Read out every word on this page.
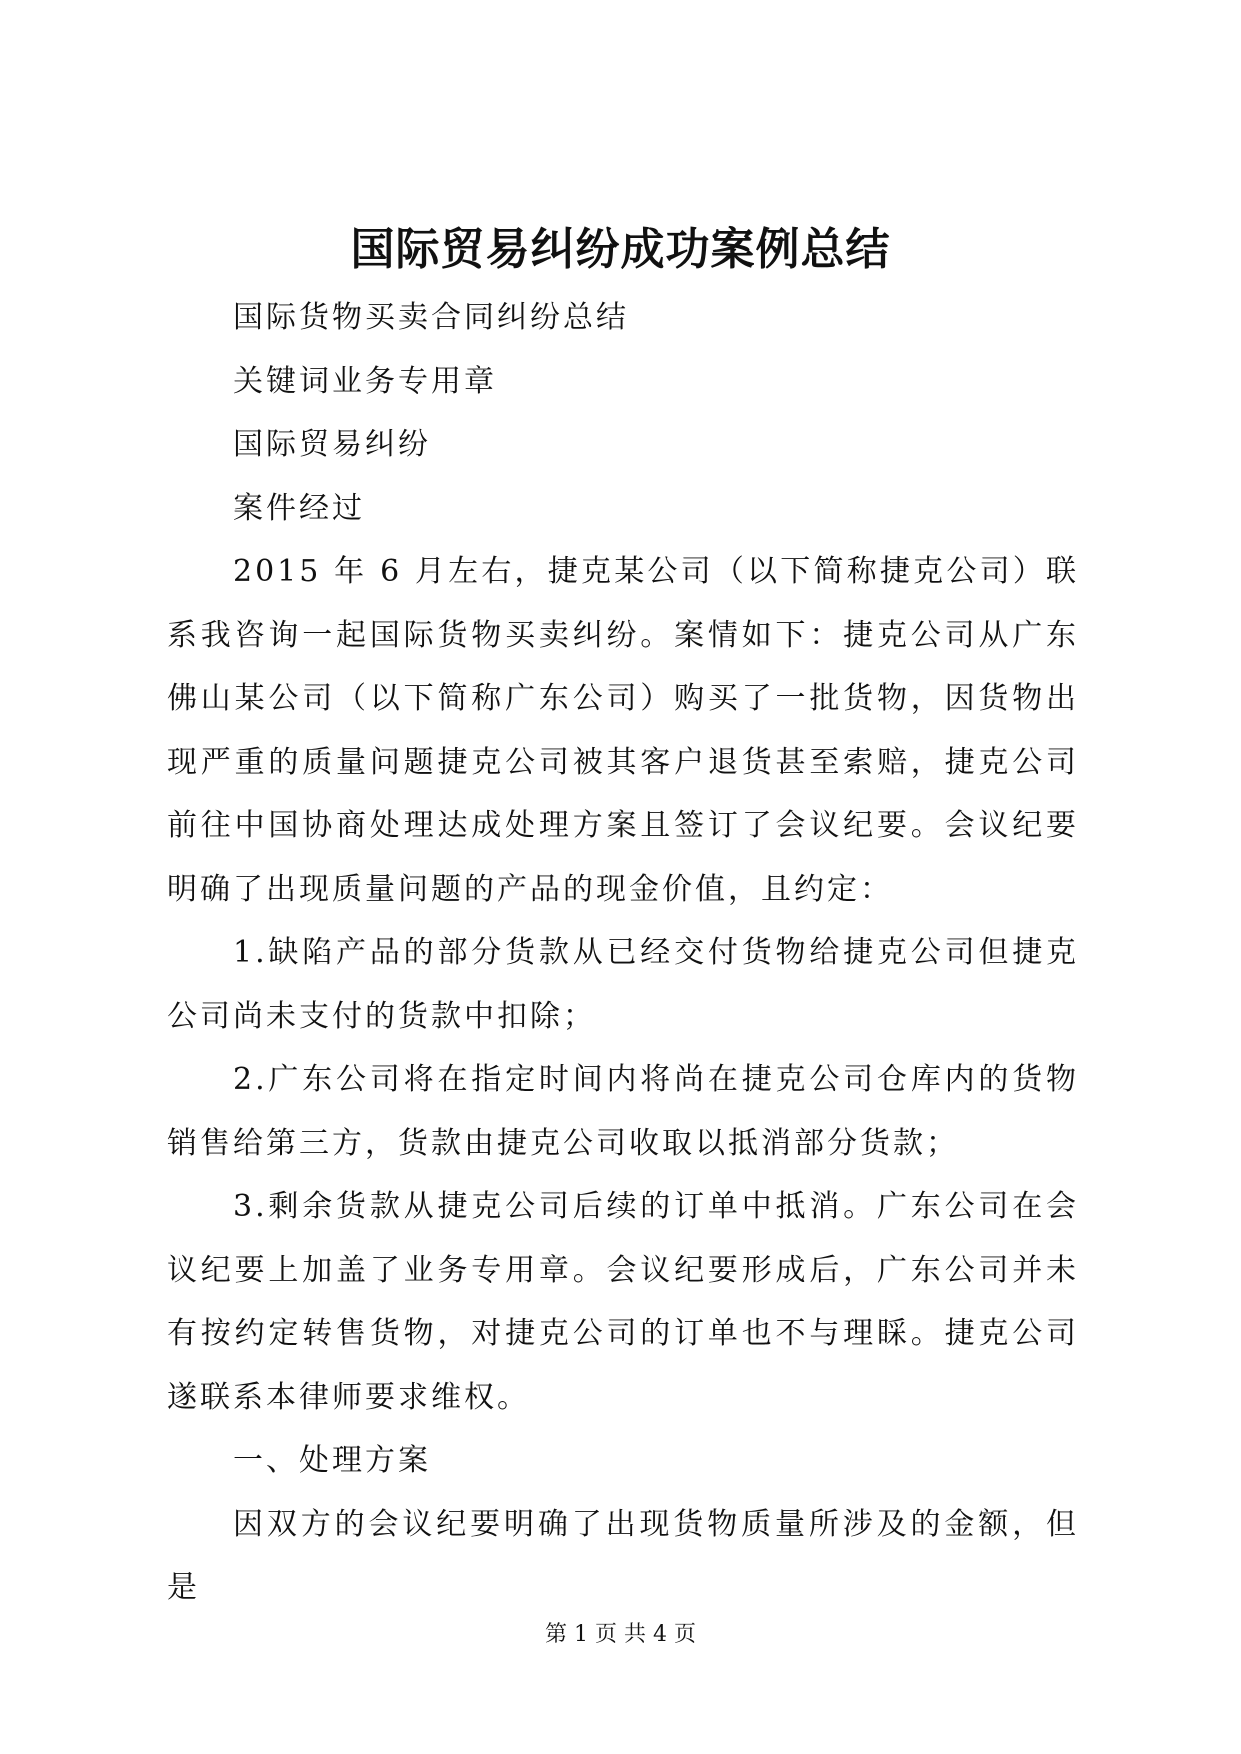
国际贸易纠纷成功案例总结

国际货物买卖合同纠纷总结

关键词业务专用章

国际贸易纠纷

案件经过

2015 年 6 月左右，捷克某公司（以下简称捷克公司）联系我咨询一起国际货物买卖纠纷。案情如下：捷克公司从广东佛山某公司（以下简称广东公司）购买了一批货物，因货物出现严重的质量问题捷克公司被其客户退货甚至索赔，捷克公司前往中国协商处理达成处理方案且签订了会议纪要。会议纪要明确了出现质量问题的产品的现金价值，且约定：

1.缺陷产品的部分货款从已经交付货物给捷克公司但捷克公司尚未支付的货款中扣除；

2.广东公司将在指定时间内将尚在捷克公司仓库内的货物销售给第三方，货款由捷克公司收取以抵消部分货款；

3.剩余货款从捷克公司后续的订单中抵消。广东公司在会议纪要上加盖了业务专用章。会议纪要形成后，广东公司并未有按约定转售货物，对捷克公司的订单也不与理睬。捷克公司遂联系本律师要求维权。

一、处理方案

因双方的会议纪要明确了出现货物质量所涉及的金额，但是

第 1 页 共 4 页
